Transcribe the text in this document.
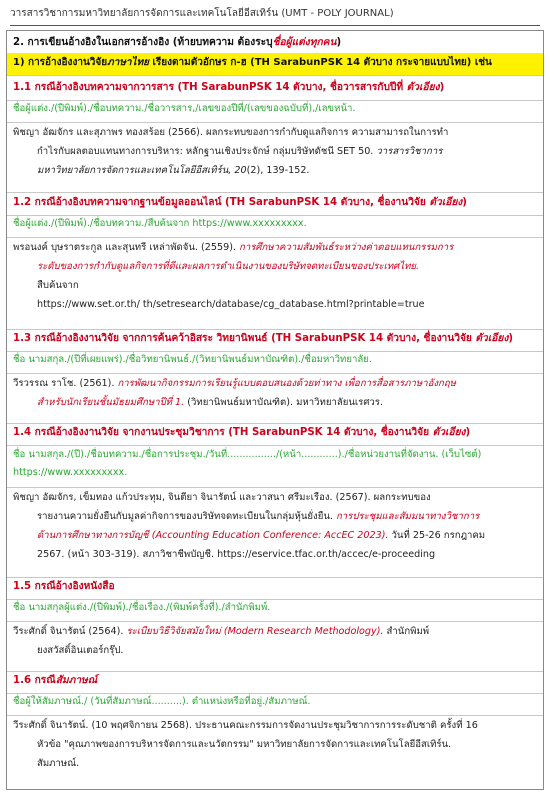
วารสารวิชาการมหาวิทยาลัยการจัดการและเทคโนโลยีอีสเทิร์น (UMT - POLY JOURNAL)
2. การเขียนอ้างอิงในเอกสารอ้างอิง (ท้ายบทความ ต้องระบุชื่อผู้แต่งทุกคน)
1) การอ้างอิงงานวิจัยภาษาไทย เรียงตามตัวอักษร ก-ฮ (TH SarabunPSK 14 ตัวบาง กระจายแบบไทย) เช่น
1.1 กรณีอ้างอิงบทความจากวารสาร (TH SarabunPSK 14 ตัวบาง, ชื่อวารสารกับปีที่ ตัวเอียง)
ชื่อผู้แต่ง./(ปีพิมพ์)./ชื่อบทความ./ชื่อวารสาร,/เลขของปีที่/(เลขของฉบับที่),/เลขหน้า.
พิชญา อัฒจักร และสุภาพร ทองสร้อย (2566). ผลกระทบของการกำกับดูแลกิจการ ความสามารถในการทำ
กำไรกับผลตอบแทนทางการบริหาร: หลักฐานเชิงประจักษ์ กลุ่มบริษัทดัชนี SET 50. วารสารวิชาการ
มหาวิทยาลัยการจัดการและเทคโนโลยีอีสเทิร์น, 20(2), 139-152.
1.2 กรณีอ้างอิงบทความจากฐานข้อมูลออนไลน์ (TH SarabunPSK 14 ตัวบาง, ชื่องานวิจัย ตัวเอียง)
ชื่อผู้แต่ง./(ปีพิมพ์)./ชื่อบทความ./สืบค้นจาก https://www.xxxxxxxxx.
พรอนงค์ บุษราตระกูล และสุนทรี เหล่าพัดจัน. (2559). การศึกษาความสัมพันธ์ระหว่างค่าตอบแทนกรรมการ
ระดับของการกำกับดูแลกิจการที่ดีและผลการดำเนินงานของบริษัทจดทะเบียนของประเทศไทย.
สืบค้นจาก
https://www.set.or.th/ th/setresearch/database/cg_database.html?printable=true
1.3 กรณีอ้างอิงงานวิจัย จากการค้นคว้าอิสระ วิทยานิพนธ์ (TH SarabunPSK 14 ตัวบาง, ชื่องานวิจัย ตัวเอียง)
ชื่อ นามสกุล./(ปีที่เผยแพร่)./ชื่อวิทยานิพนธ์./(วิทยานิพนธ์มหาบัณฑิต)./ชื่อมหาวิทยาลัย.
วีรวรรณ ราโช. (2561). การพัฒนากิจกรรมการเรียนรู้แบบตอบสนองด้วยท่าทาง เพื่อการสื่อสารภาษาอังกฤษ
สำหรับนักเรียนชั้นมัธยมศึกษาปีที่ 1. (วิทยานิพนธ์มหาบัณฑิต). มหาวิทยาลัยนเรศวร.
1.4 กรณีอ้างอิงงานวิจัย จากงานประชุมวิชาการ (TH SarabunPSK 14 ตัวบาง, ชื่องานวิจัย ตัวเอียง)
ชื่อ นามสกุล./(ปี)./ชื่อบทความ./ชื่อการประชุม./วันที่................/(หน้า............)./ชื่อหน่วยงานที่จัดงาน. (เว็บไซต์)
https://www.xxxxxxxxx.
พิชญา อัฒจักร, เข็มทอง แก้วประทุม, จินตียา จินารัตน์ และวาสนา ศรีมะเรือง. (2567). ผลกระทบของ
รายงานความยั่งยืนกับมูลค่ากิจการของบริษัทจดทะเบียนในกลุ่มหุ้นยั่งยืน. การประชุมและสัมมนาทางวิชาการ
ด้านการศึกษาทางการบัญชี (Accounting Education Conference: AccEC 2023). วันที่ 25-26 กรกฎาคม
2567. (หน้า 303-319). สภาวิชาชีพบัญชี. https://eservice.tfac.or.th/accec/e-proceeding
1.5 กรณีอ้างอิงหนังสือ
ชื่อ นามสกุลผู้แต่ง./(ปีพิมพ์)./ชื่อเรื่อง./(พิมพ์ครั้งที่)./สำนักพิมพ์.
วีระศักดิ์ จินารัตน์ (2564). ระเบียบวิธีวิจัยสมัยใหม่ (Modern Research Methodology). สำนักพิมพ์
ยงสวัสดิ์อินเตอร์กรุ๊ป.
1.6 กรณีสัมภาษณ์
ชื่อผู้ให้สัมภาษณ์./ (วันที่สัมภาษณ์..........). ตำแหน่งหรือที่อยู่./สัมภาษณ์.
วีระศักดิ์ จินารัตน์. (10 พฤศจิกายน 2568). ประธานคณะกรรมการจัดงานประชุมวิชาการการระดับชาติ ครั้งที่ 16
หัวข้อ "คุณภาพของการบริหารจัดการและนวัตกรรม" มหาวิทยาลัยการจัดการและเทคโนโลยีอีสเทิร์น.
สัมภาษณ์.
